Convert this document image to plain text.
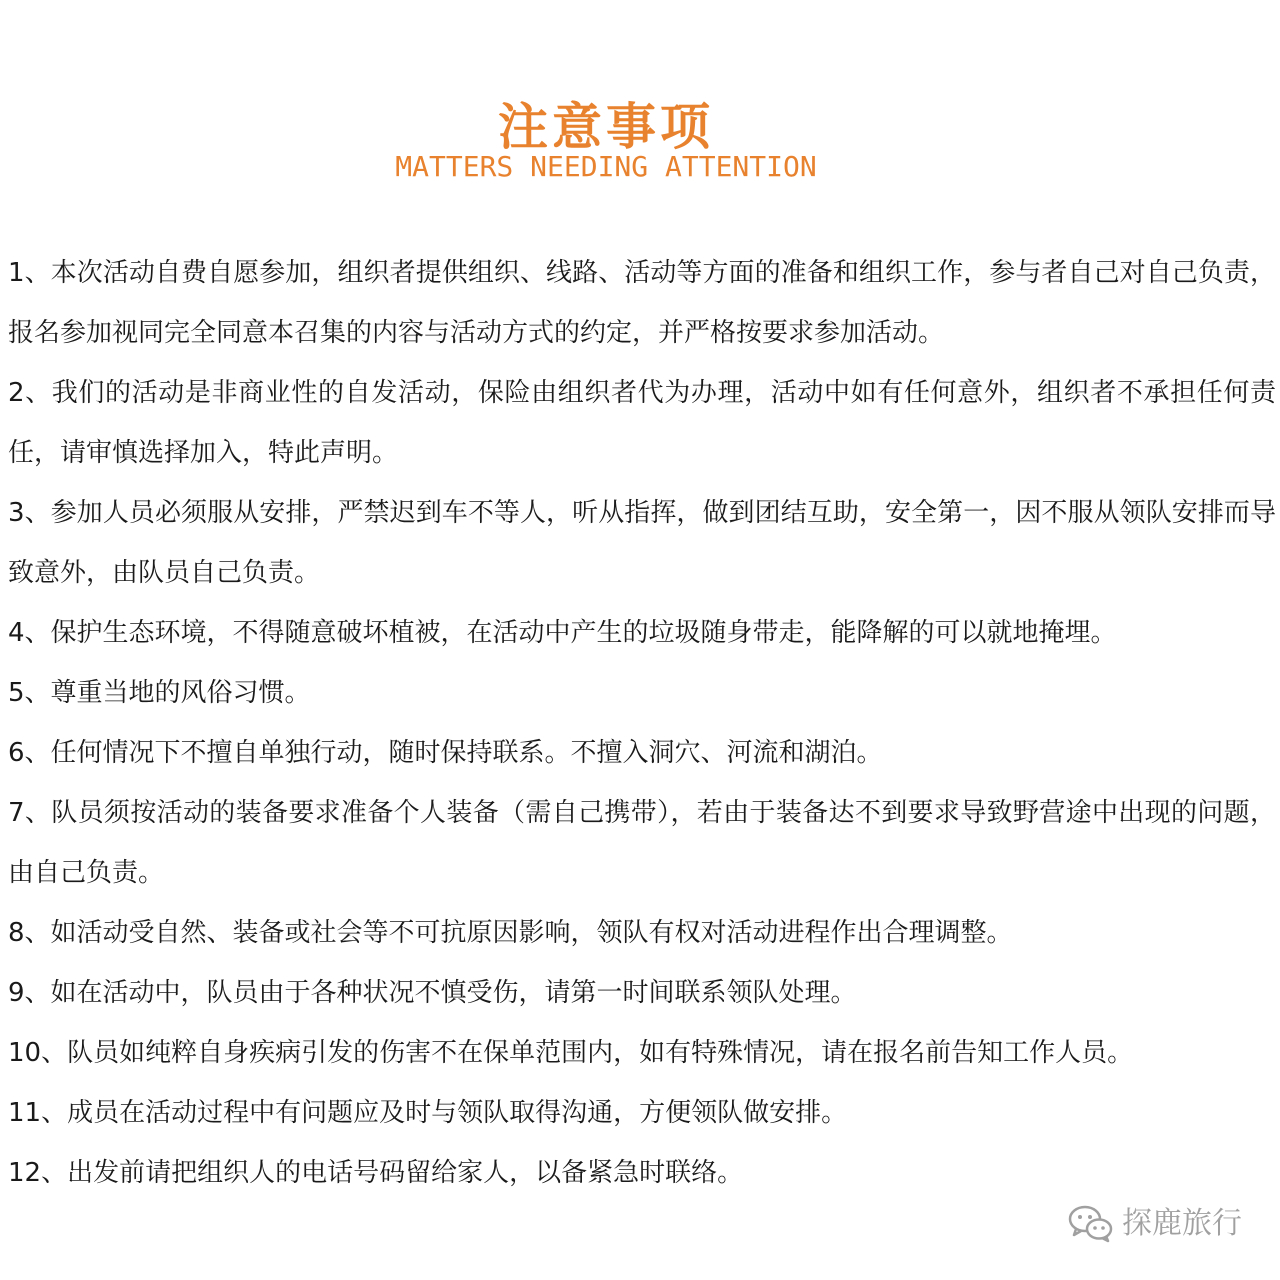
注意事项
MATTERS NEEDING ATTENTION
1、本次活动自费自愿参加，组织者提供组织、线路、活动等方面的准备和组织工作，参与者自己对自己负责，报名参加视同完全同意本召集的内容与活动方式的约定，并严格按要求参加活动。
2、我们的活动是非商业性的自发活动，保险由组织者代为办理，活动中如有任何意外，组织者不承担任何责任，请审慎选择加入，特此声明。
3、参加人员必须服从安排，严禁迟到车不等人，听从指挥，做到团结互助，安全第一，因不服从领队安排而导致意外，由队员自己负责。
4、保护生态环境，不得随意破坏植被，在活动中产生的垃圾随身带走，能降解的可以就地掩埋。
5、尊重当地的风俗习惯。
6、任何情况下不擅自单独行动，随时保持联系。不擅入洞穴、河流和湖泊。
7、队员须按活动的装备要求准备个人装备（需自己携带），若由于装备达不到要求导致野营途中出现的问题，由自己负责。
8、如活动受自然、装备或社会等不可抗原因影响，领队有权对活动进程作出合理调整。
9、如在活动中，队员由于各种状况不慎受伤，请第一时间联系领队处理。
10、队员如纯粹自身疾病引发的伤害不在保单范围内，如有特殊情况，请在报名前告知工作人员。
11、成员在活动过程中有问题应及时与领队取得沟通，方便领队做安排。
12、出发前请把组织人的电话号码留给家人，以备紧急时联络。
探鹿旅行
